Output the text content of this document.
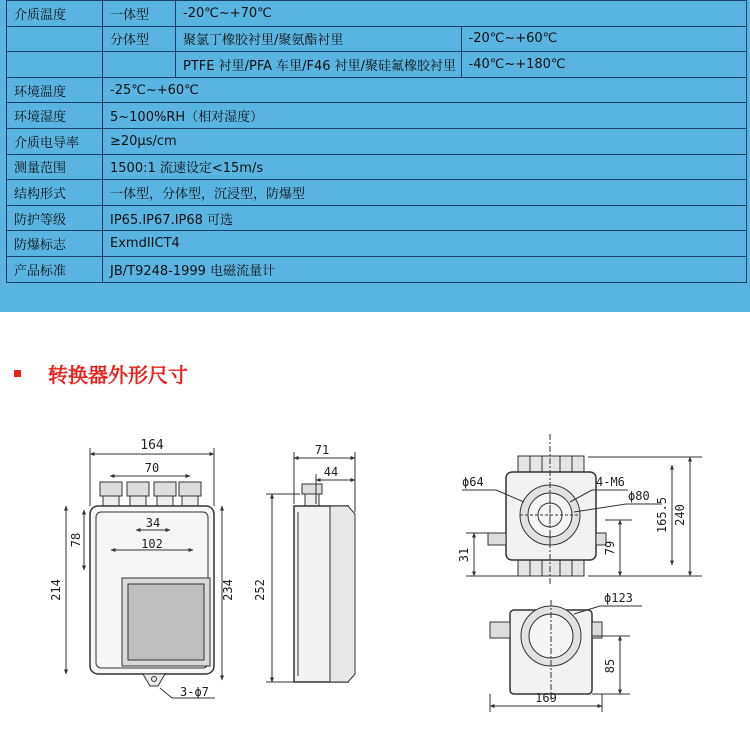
介质温度	一体型	-20℃~+70℃	
	分体型	聚氯丁橡胶衬里/聚氨酯衬里	-20℃~+60℃
		PTFE 衬里/PFA 车里/F46 衬里/聚硅氟橡胶衬里	-40℃~+180℃
环境温度	-25℃~+60℃		
环境湿度	5~100%RH（相对湿度）		
介质电导率	≥20μs/cm		
测量范围	1500:1 流速设定<15m/s		
结构形式	一体型，分体型，沉浸型，防爆型		
防护等级	IP65.IP67.IP68 可选		
防爆标志	ExmdIICT4		
产品标准	JB/T9248-1999 电磁流量计		
转换器外形尺寸
164
70
34
102
78
214	234
3-ϕ7
71
44
252
ϕ64	4-M6
ϕ80
165.5 240
31	79
ϕ123
85
169
